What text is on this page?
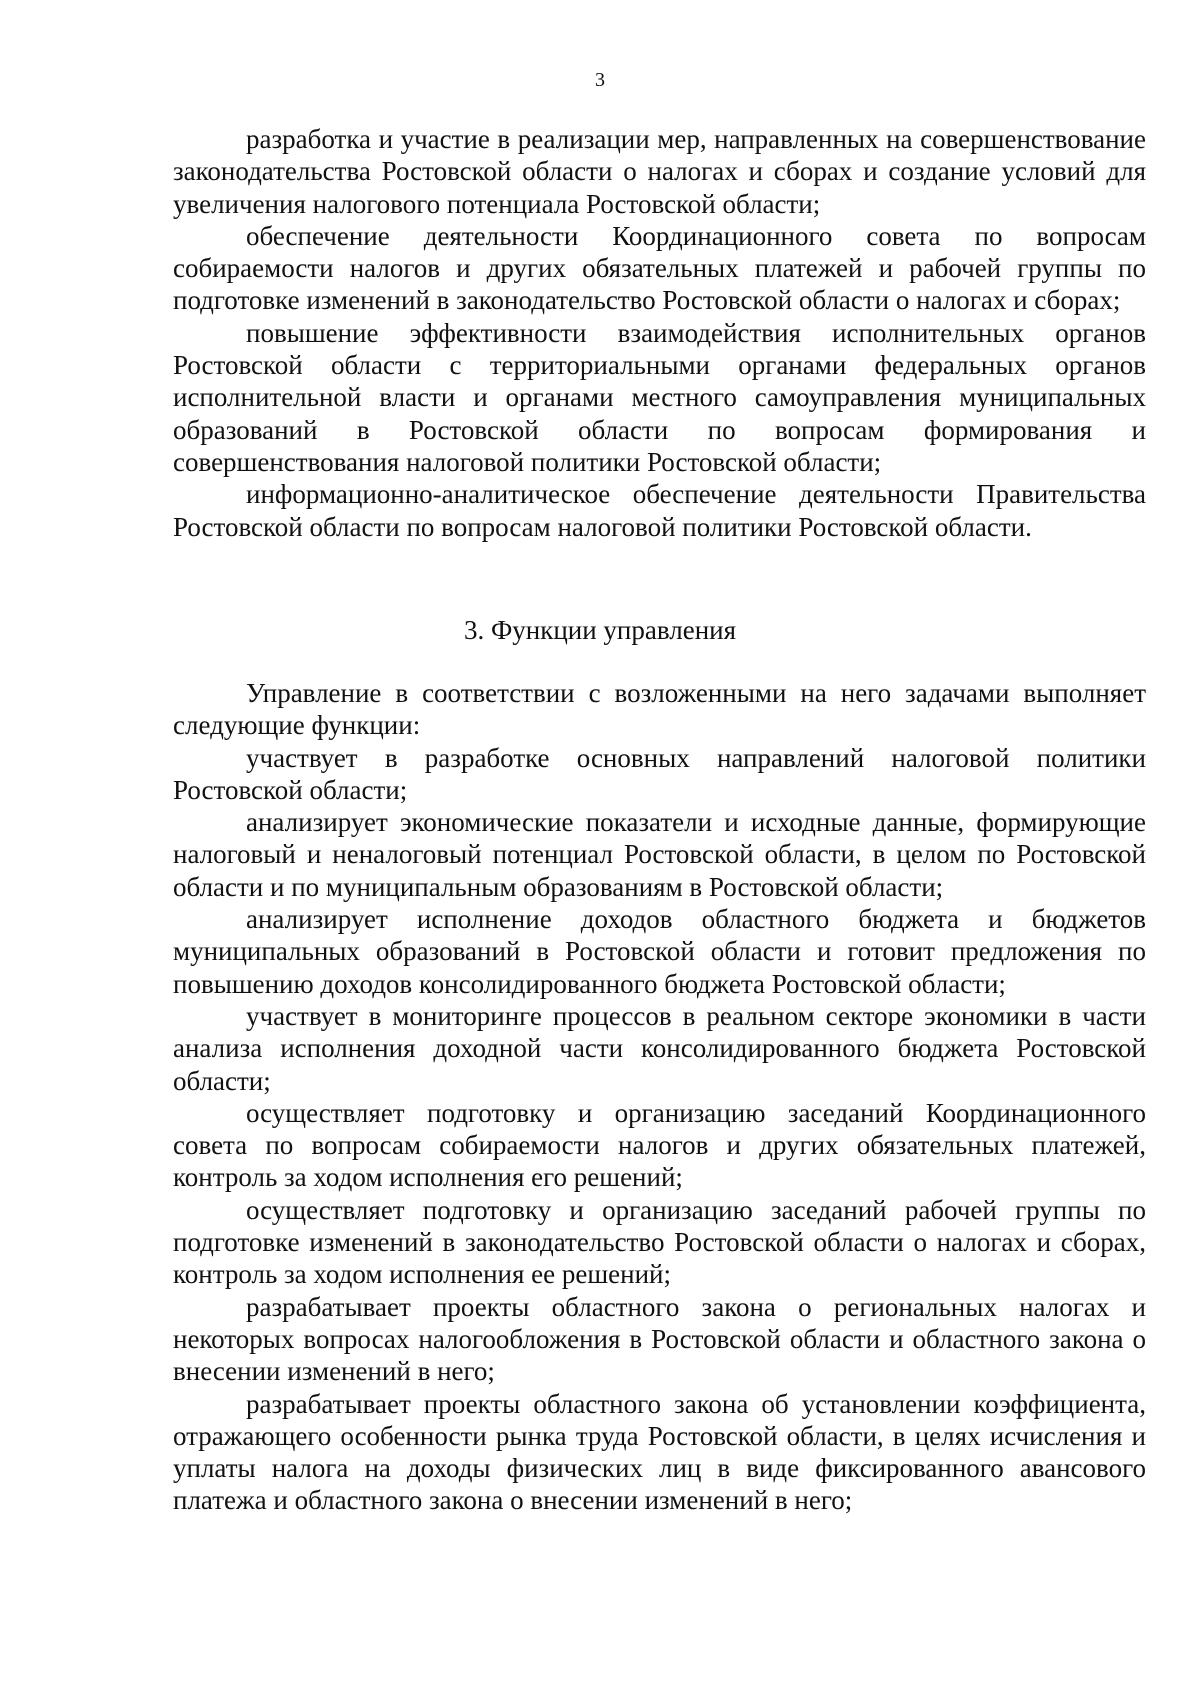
3

разработка и участие в реализации мер, направленных на совершенствование законодательства Ростовской области о налогах и сборах и создание условий для увеличения налогового потенциала Ростовской области;

обеспечение деятельности Координационного совета по вопросам собираемости налогов и других обязательных платежей и рабочей группы по подготовке изменений в законодательство Ростовской области о налогах и сборах;

повышение эффективности взаимодействия исполнительных органов Ростовской области с территориальными органами федеральных органов исполнительной власти и органами местного самоуправления муниципальных образований в Ростовской области по вопросам формирования и совершенствования налоговой политики Ростовской области;

информационно-аналитическое обеспечение деятельности Правительства Ростовской области по вопросам налоговой политики Ростовской области.

3. Функции управления

Управление в соответствии с возложенными на него задачами выполняет следующие функции:

участвует в разработке основных направлений налоговой политики Ростовской области;

анализирует экономические показатели и исходные данные, формирующие налоговый и неналоговый потенциал Ростовской области, в целом по Ростовской области и по муниципальным образованиям в Ростовской области;

анализирует исполнение доходов областного бюджета и бюджетов муниципальных образований в Ростовской области и готовит предложения по повышению доходов консолидированного бюджета Ростовской области;

участвует в мониторинге процессов в реальном секторе экономики в части анализа исполнения доходной части консолидированного бюджета Ростовской области;

осуществляет подготовку и организацию заседаний Координационного совета по вопросам собираемости налогов и других обязательных платежей, контроль за ходом исполнения его решений;

осуществляет подготовку и организацию заседаний рабочей группы по подготовке изменений в законодательство Ростовской области о налогах и сборах, контроль за ходом исполнения ее решений;

разрабатывает проекты областного закона о региональных налогах и некоторых вопросах налогообложения в Ростовской области и областного закона о внесении изменений в него;

разрабатывает проекты областного закона об установлении коэффициента, отражающего особенности рынка труда Ростовской области, в целях исчисления и уплаты налога на доходы физических лиц в виде фиксированного авансового платежа и областного закона о внесении изменений в него;
